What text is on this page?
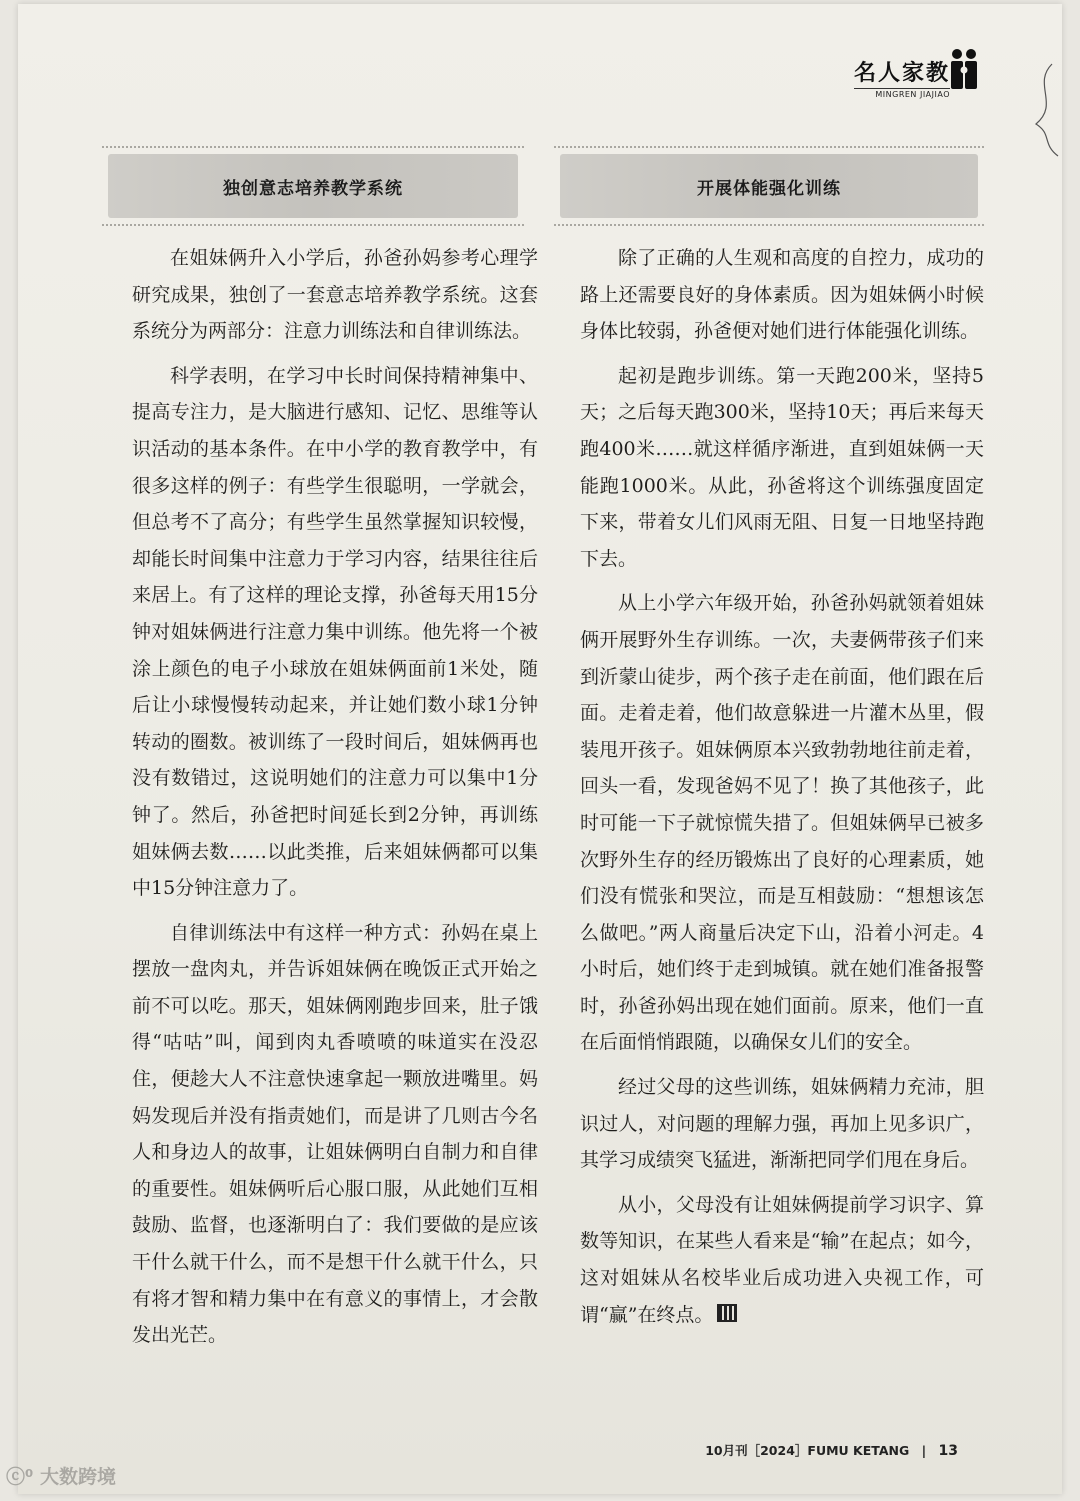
名人家教
MINGREN JIAJIAO
独创意志培养教学系统	开展体能强化训练

在姐妹俩升入小学后，孙爸孙妈参考心理学研究成果，独创了一套意志培养教学系统。这套系统分为两部分：注意力训练法和自律训练法。

科学表明，在学习中长时间保持精神集中、提高专注力，是大脑进行感知、记忆、思维等认识活动的基本条件。在中小学的教育教学中，有很多这样的例子：有些学生很聪明，一学就会，但总考不了高分；有些学生虽然掌握知识较慢，却能长时间集中注意力于学习内容，结果往往后来居上。有了这样的理论支撑，孙爸每天用15分钟对姐妹俩进行注意力集中训练。他先将一个被涂上颜色的电子小球放在姐妹俩面前1米处，随后让小球慢慢转动起来，并让她们数小球1分钟转动的圈数。被训练了一段时间后，姐妹俩再也没有数错过，这说明她们的注意力可以集中1分钟了。然后，孙爸把时间延长到2分钟，再训练姐妹俩去数……以此类推，后来姐妹俩都可以集中15分钟注意力了。

自律训练法中有这样一种方式：孙妈在桌上摆放一盘肉丸，并告诉姐妹俩在晚饭正式开始之前不可以吃。那天，姐妹俩刚跑步回来，肚子饿得“咕咕”叫，闻到肉丸香喷喷的味道实在没忍住，便趁大人不注意快速拿起一颗放进嘴里。妈妈发现后并没有指责她们，而是讲了几则古今名人和身边人的故事，让姐妹俩明白自制力和自律的重要性。姐妹俩听后心服口服，从此她们互相鼓励、监督，也逐渐明白了：我们要做的是应该干什么就干什么，而不是想干什么就干什么，只有将才智和精力集中在有意义的事情上，才会散发出光芒。

除了正确的人生观和高度的自控力，成功的路上还需要良好的身体素质。因为姐妹俩小时候身体比较弱，孙爸便对她们进行体能强化训练。

起初是跑步训练。第一天跑200米，坚持5天；之后每天跑300米，坚持10天；再后来每天跑400米……就这样循序渐进，直到姐妹俩一天能跑1000米。从此，孙爸将这个训练强度固定下来，带着女儿们风雨无阻、日复一日地坚持跑下去。

从上小学六年级开始，孙爸孙妈就领着姐妹俩开展野外生存训练。一次，夫妻俩带孩子们来到沂蒙山徒步，两个孩子走在前面，他们跟在后面。走着走着，他们故意躲进一片灌木丛里，假装甩开孩子。姐妹俩原本兴致勃勃地往前走着，回头一看，发现爸妈不见了！换了其他孩子，此时可能一下子就惊慌失措了。但姐妹俩早已被多次野外生存的经历锻炼出了良好的心理素质，她们没有慌张和哭泣，而是互相鼓励：“想想该怎么做吧。”两人商量后决定下山，沿着小河走。4小时后，她们终于走到城镇。就在她们准备报警时，孙爸孙妈出现在她们面前。原来，他们一直在后面悄悄跟随，以确保女儿们的安全。

经过父母的这些训练，姐妹俩精力充沛，胆识过人，对问题的理解力强，再加上见多识广，其学习成绩突飞猛进，渐渐把同学们甩在身后。

从小，父母没有让姐妹俩提前学习识字、算数等知识，在某些人看来是“输”在起点；如今，这对姐妹从名校毕业后成功进入央视工作，可谓“赢”在终点。

10月刊［2024］FUMU KETANG | 13
ⓒ⁰ 大数跨境
